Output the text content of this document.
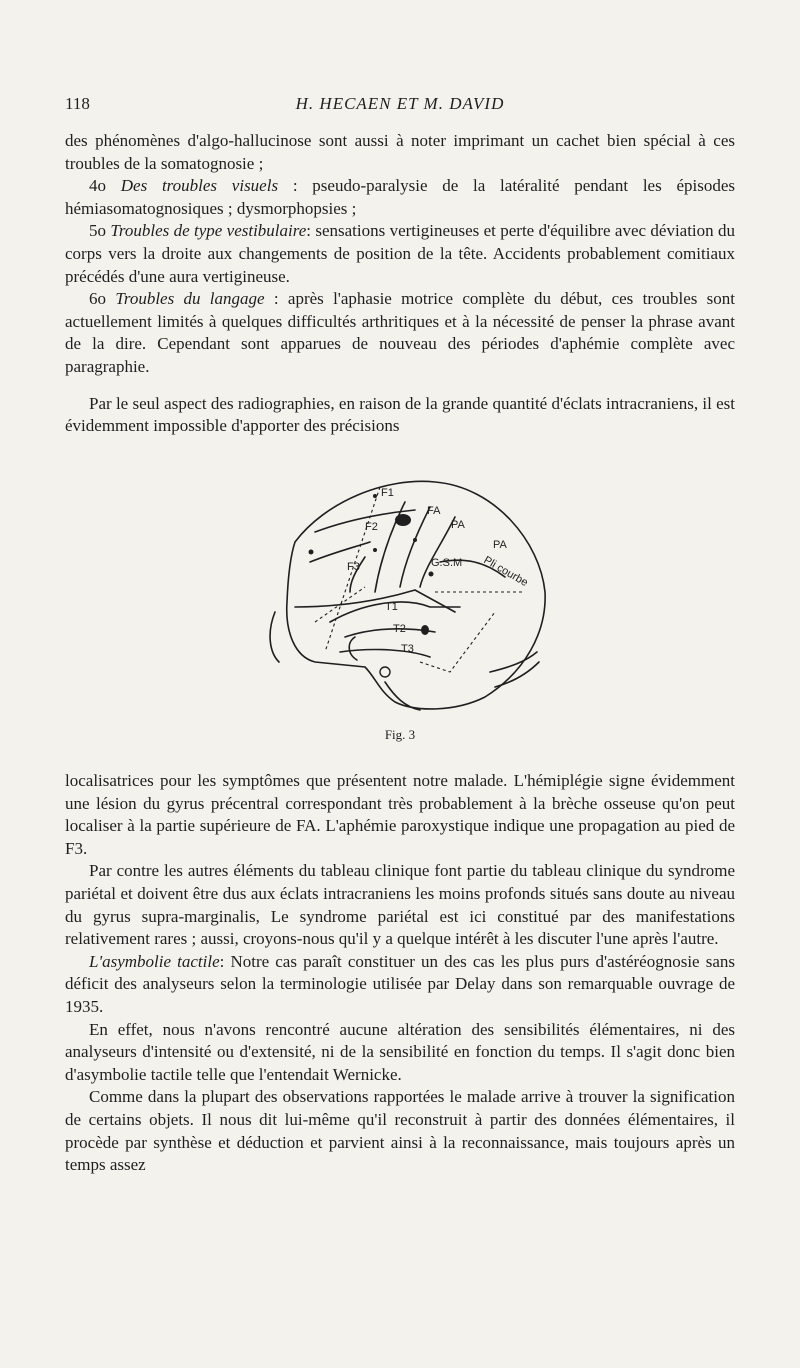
118	H. HECAEN ET M. DAVID

des phénomènes d'algo-hallucinose sont aussi à noter imprimant un cachet bien spécial à ces troubles de la somatognosie ;

4o Des troubles visuels : pseudo-paralysie de la latéralité pendant les épisodes hémiasomatognosiques ; dysmorphopsies ;

5o Troubles de type vestibulaire: sensations vertigineuses et perte d'équilibre avec déviation du corps vers la droite aux changements de position de la tête. Accidents probablement comitiaux précédés d'une aura vertigineuse.

6o Troubles du langage : après l'aphasie motrice complète du début, ces troubles sont actuellement limités à quelques difficultés arthritiques et à la nécessité de penser la phrase avant de la dire. Cependant sont apparues de nouveau des périodes d'aphémie complète avec paragraphie.

Par le seul aspect des radiographies, en raison de la grande quantité d'éclats intracraniens, il est évidemment impossible d'apporter des précisions

F1
FA
F2	PA
PA
G.S.M Pli courbe
F3
T1
T2
T3
Fig. 3

localisatrices pour les symptômes que présentent notre malade. L'hémiplégie signe évidemment une lésion du gyrus précentral correspondant très probablement à la brèche osseuse qu'on peut localiser à la partie supérieure de FA. L'aphémie paroxystique indique une propagation au pied de F3.

Par contre les autres éléments du tableau clinique font partie du tableau clinique du syndrome pariétal et doivent être dus aux éclats intracraniens les moins profonds situés sans doute au niveau du gyrus supra-marginalis, Le syndrome pariétal est ici constitué par des manifestations relativement rares ; aussi, croyons-nous qu'il y a quelque intérêt à les discuter l'une après l'autre.

L'asymbolie tactile: Notre cas paraît constituer un des cas les plus purs d'astéréognosie sans déficit des analyseurs selon la terminologie utilisée par Delay dans son remarquable ouvrage de 1935.

En effet, nous n'avons rencontré aucune altération des sensibilités élémentaires, ni des analyseurs d'intensité ou d'extensité, ni de la sensibilité en fonction du temps. Il s'agit donc bien d'asymbolie tactile telle que l'entendait Wernicke.

Comme dans la plupart des observations rapportées le malade arrive à trouver la signification de certains objets. Il nous dit lui-même qu'il reconstruit à partir des données élémentaires, il procède par synthèse et déduction et parvient ainsi à la reconnaissance, mais toujours après un temps assez
